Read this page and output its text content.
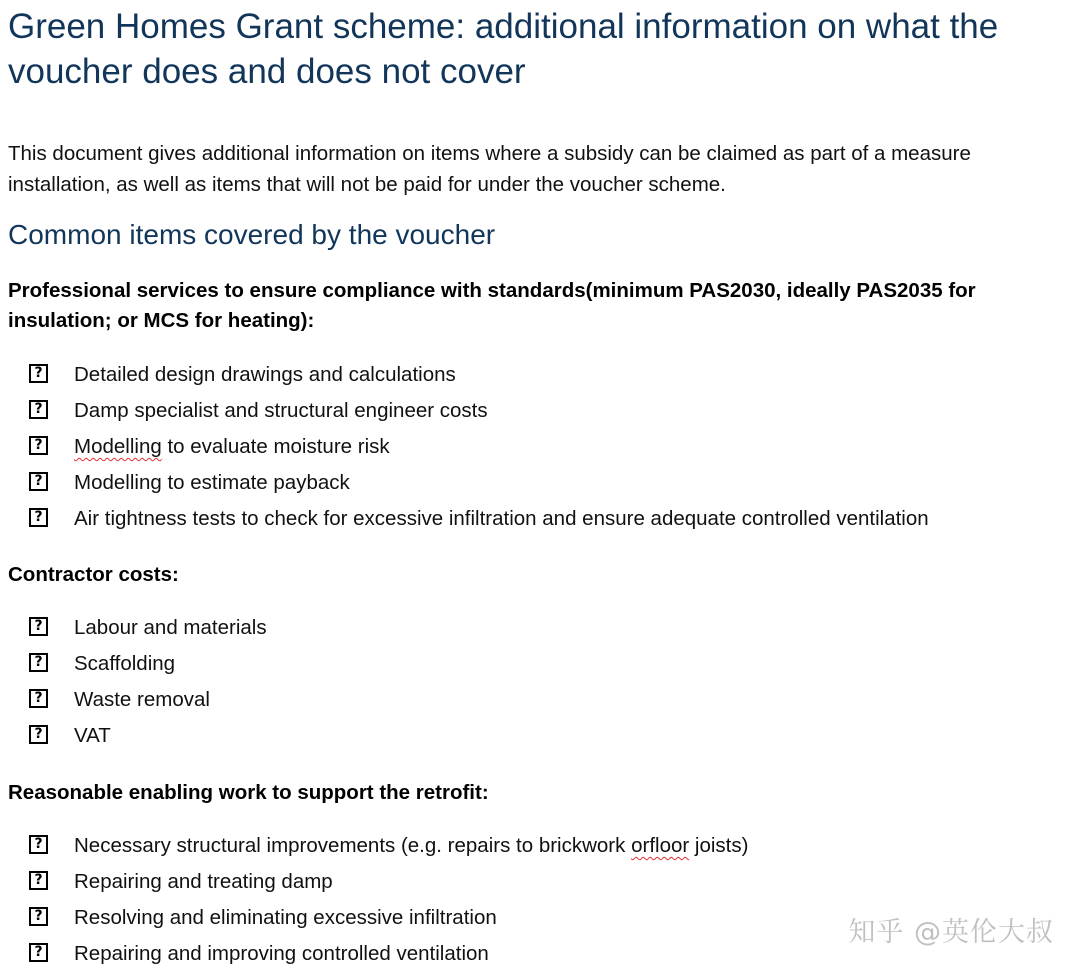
Green Homes Grant scheme: additional information on what the voucher does and does not cover

This document gives additional information on items where a subsidy can be claimed as part of a measure installation, as well as items that will not be paid for under the voucher scheme.

Common items covered by the voucher
Professional services to ensure compliance with standards(minimum PAS2030, ideally PAS2035 for insulation; or MCS for heating):
? Detailed design drawings and calculations
? Damp specialist and structural engineer costs
? Modelling to evaluate moisture risk
? Modelling to estimate payback
? Air tightness tests to check for excessive infiltration and ensure adequate controlled ventilation
Contractor costs:
? Labour and materials
? Scaffolding
? Waste removal
? VAT
Reasonable enabling work to support the retrofit:
? Necessary structural improvements (e.g. repairs to brickwork orfloor joists)
? Repairing and treating damp
? Resolving and eliminating excessive infiltration
? Repairing and improving controlled ventilation
知乎 @英伦大叔
